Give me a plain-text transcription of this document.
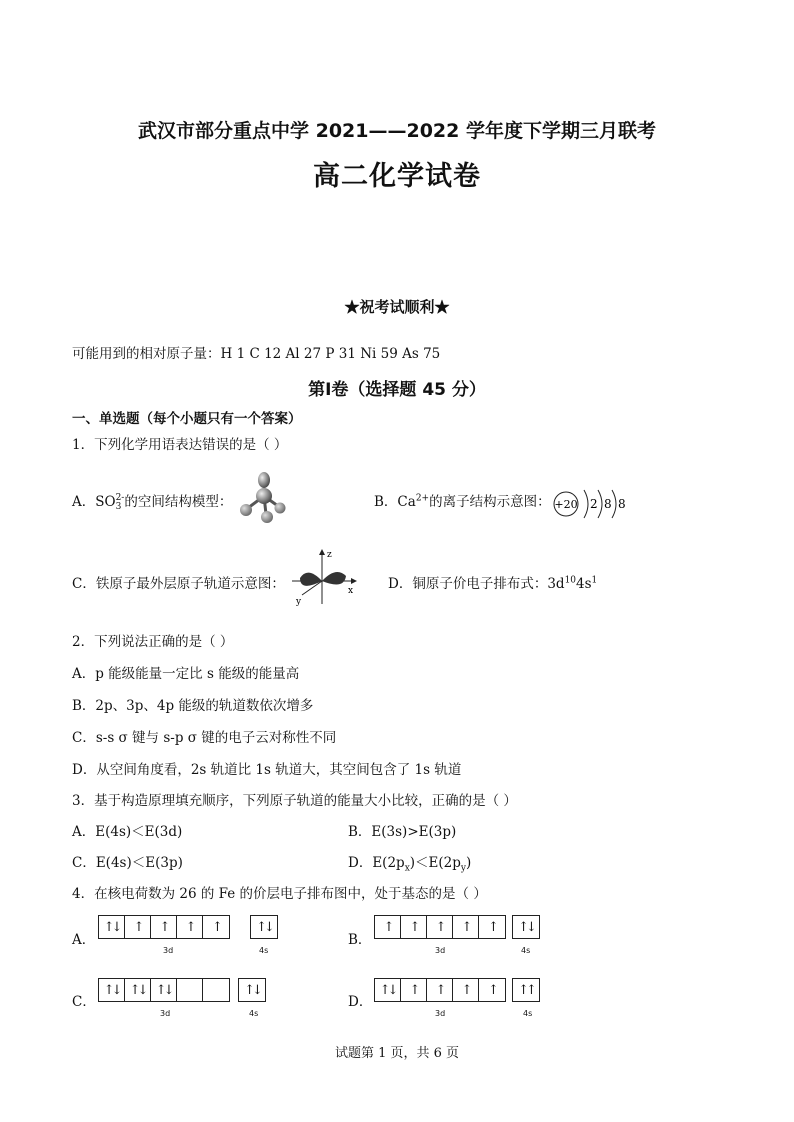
武汉市部分重点中学 2021——2022 学年度下学期三月联考
高二化学试卷
★祝考试顺利★
可能用到的相对原子量：H 1 C 12 Al 27 P 31 Ni 59 As 75
第Ⅰ卷（选择题 45 分）
一、单选题（每个小题只有一个答案）
1．下列化学用语表达错误的是（ ）
A．SO 2-
3 的空间结构模型：	B．$Ca^{2+}$的离子结构示意图： +20 2 8 8
C．铁原子最外层原子轨道示意图：
z
x
y
D．铜原子价电子排布式：$3d^{10}4s^1$
2．下列说法正确的是（ ）
A．p 能级能量一定比 s 能级的能量高
B．2p、3p、4p 能级的轨道数依次增多
C．s-s σ 键与 s-p σ 键的电子云对称性不同
D．从空间角度看，2s 轨道比 1s 轨道大，其空间包含了 1s 轨道
3．基于构造原理填充顺序，下列原子轨道的能量大小比较，正确的是（ ）
A．E(4s)＜E(3d)	B．E(3s)>E(3p)
C．E(4s)＜E(3p)	D．$E(2p_x)<E(2p_y)$
4．在核电荷数为 26 的 Fe 的价层电子排布图中，处于基态的是（ ）
A．
↑↓	↑	↑	↑	↑
3d
↑↓
4s
B．
↑	↑	↑	↑	↑
3d
↑↓
4s
C．
↑↓ ↑↓ ↑↓
3d
↑↓
4s
D．
↑↓	↑	↑	↑	↑
3d
↑↑
4s
试题第 1 页，共 6 页
